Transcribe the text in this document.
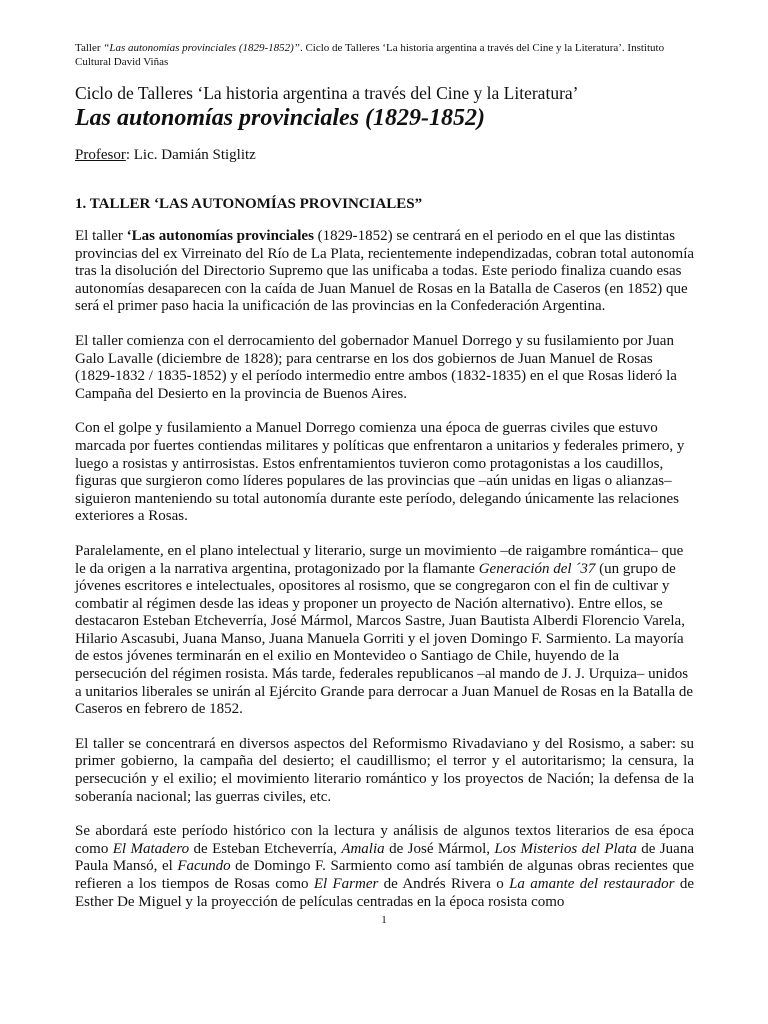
Taller “Las autonomías provinciales (1829-1852)”. Ciclo de Talleres ‘La historia argentina a través del Cine y la Literatura’. Instituto Cultural David Viñas
Ciclo de Talleres ‘La historia argentina a través del Cine y la Literatura’
Las autonomías provinciales (1829-1852)
Profesor: Lic. Damián Stiglitz
1. TALLER ‘LAS AUTONOMÍAS PROVINCIALES”

El taller ‘Las autonomías provinciales (1829-1852) se centrará en el periodo en el que las distintas provincias del ex Virreinato del Río de La Plata, recientemente independizadas, cobran total autonomía tras la disolución del Directorio Supremo que las unificaba a todas. Este periodo finaliza cuando esas autonomías desaparecen con la caída de Juan Manuel de Rosas en la Batalla de Caseros (en 1852) que será el primer paso hacia la unificación de las provincias en la Confederación Argentina.

El taller comienza con el derrocamiento del gobernador Manuel Dorrego y su fusilamiento por Juan Galo Lavalle (diciembre de 1828); para centrarse en los dos gobiernos de Juan Manuel de Rosas (1829-1832 / 1835-1852) y el período intermedio entre ambos (1832-1835) en el que Rosas lideró la Campaña del Desierto en la provincia de Buenos Aires.

Con el golpe y fusilamiento a Manuel Dorrego comienza una época de guerras civiles que estuvo marcada por fuertes contiendas militares y políticas que enfrentaron a unitarios y federales primero, y luego a rosistas y antirrosistas. Estos enfrentamientos tuvieron como protagonistas a los caudillos, figuras que surgieron como líderes populares de las provincias que –aún unidas en ligas o alianzas– siguieron manteniendo su total autonomía durante este período, delegando únicamente las relaciones exteriores a Rosas.

Paralelamente, en el plano intelectual y literario, surge un movimiento –de raigambre romántica– que le da origen a la narrativa argentina, protagonizado por la flamante Generación del ´37 (un grupo de jóvenes escritores e intelectuales, opositores al rosismo, que se congregaron con el fin de cultivar y combatir al régimen desde las ideas y proponer un proyecto de Nación alternativo). Entre ellos, se destacaron Esteban Etcheverría, José Mármol, Marcos Sastre, Juan Bautista Alberdi Florencio Varela, Hilario Ascasubi, Juana Manso, Juana Manuela Gorriti y el joven Domingo F. Sarmiento. La mayoría de estos jóvenes terminarán en el exilio en Montevideo o Santiago de Chile, huyendo de la persecución del régimen rosista. Más tarde, federales republicanos –al mando de J. J. Urquiza– unidos a unitarios liberales se unirán al Ejército Grande para derrocar a Juan Manuel de Rosas en la Batalla de Caseros en febrero de 1852.

El taller se concentrará en diversos aspectos del Reformismo Rivadaviano y del Rosismo, a saber: su primer gobierno, la campaña del desierto; el caudillismo; el terror y el autoritarismo; la censura, la persecución y el exilio; el movimiento literario romántico y los proyectos de Nación; la defensa de la soberanía nacional; las guerras civiles, etc.

Se abordará este período histórico con la lectura y análisis de algunos textos literarios de esa época como El Matadero de Esteban Etcheverría, Amalia de José Mármol, Los Misterios del Plata de Juana Paula Mansó, el Facundo de Domingo F. Sarmiento como así también de algunas obras recientes que refieren a los tiempos de Rosas como El Farmer de Andrés Rivera o La amante del restaurador de Esther De Miguel y la proyección de películas centradas en la época rosista como

1
